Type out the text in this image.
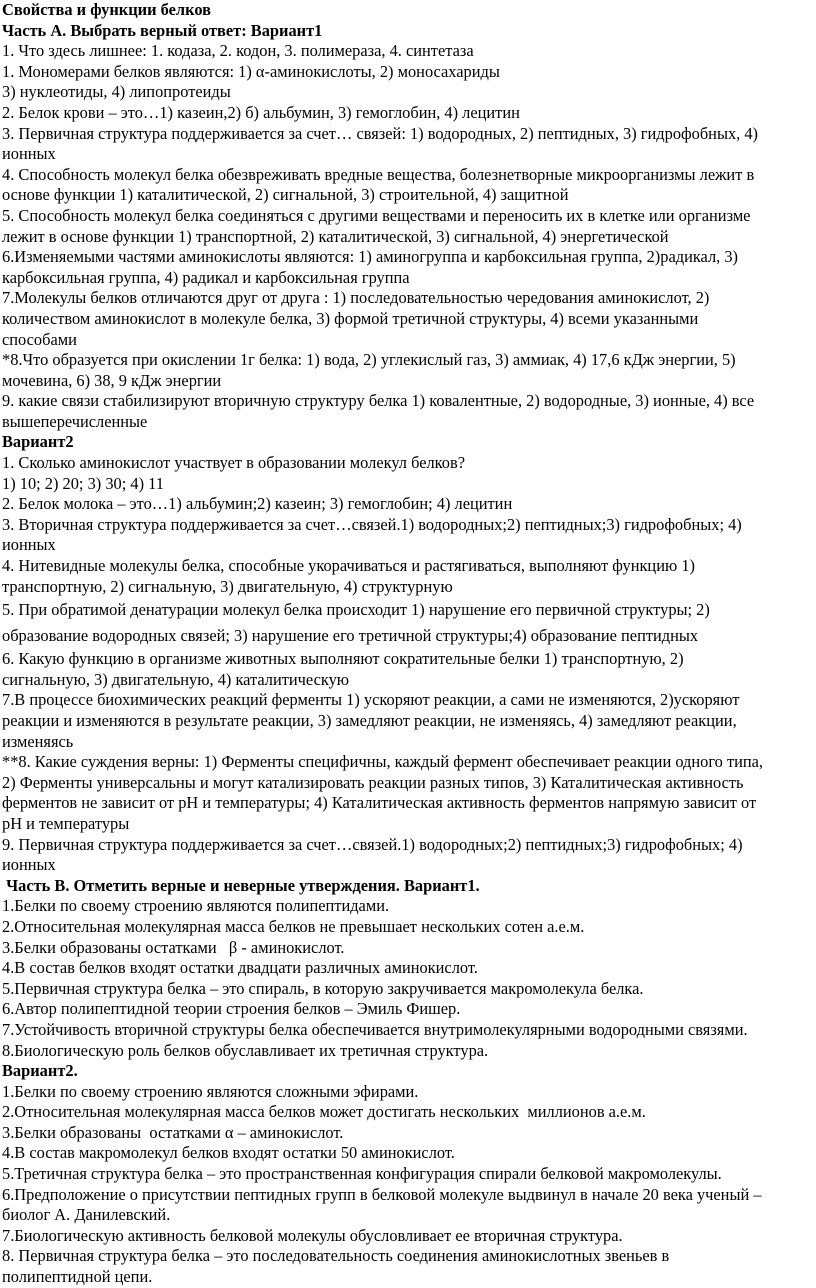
Свойства и функции белков
Часть А. Выбрать верный ответ: Вариант1
1. Что здесь лишнее: 1. кодаза, 2. кодон, 3. полимераза, 4. синтетаза
1. Мономерами белков являются: 1) α-аминокислоты, 2) моносахариды
3) нуклеотиды, 4) липопротеиды
2. Белок крови – это…1) казеин,2) б) альбумин, 3) гемоглобин, 4) лецитин
3. Первичная структура поддерживается за счет… связей: 1) водородных, 2) пептидных, 3) гидрофобных, 4)
ионных
4. Способность молекул белка обезвреживать вредные вещества, болезнетворные микроорганизмы лежит в
основе функции 1) каталитической, 2) сигнальной, 3) строительной, 4) защитной
5. Способность молекул белка соединяться с другими веществами и переносить их в клетке или организме
лежит в основе функции 1) транспортной, 2) каталитической, 3) сигнальной, 4) энергетической
6.Изменяемыми частями аминокислоты являются: 1) аминогруппа и карбоксильная группа, 2)радикал, 3)
карбоксильная группа, 4) радикал и карбоксильная группа
7.Молекулы белков отличаются друг от друга : 1) последовательностью чередования аминокислот, 2)
количеством аминокислот в молекуле белка, 3) формой третичной структуры, 4) всеми указанными
способами
*8.Что образуется при окислении 1г белка: 1) вода, 2) углекислый газ, 3) аммиак, 4) 17,6 кДж энергии, 5)
мочевина, 6) 38, 9 кДж энергии
9. какие связи стабилизируют вторичную структуру белка 1) ковалентные, 2) водородные, 3) ионные, 4) все
вышеперечисленные
Вариант2
1. Сколько аминокислот участвует в образовании молекул белков?
1) 10; 2) 20; 3) 30; 4) 11
2. Белок молока – это…1) альбумин;2) казеин; 3) гемоглобин; 4) лецитин
3. Вторичная структура поддерживается за счет…связей.1) водородных;2) пептидных;3) гидрофобных; 4)
ионных
4. Нитевидные молекулы белка, способные укорачиваться и растягиваться, выполняют функцию 1)
транспортную, 2) сигнальную, 3) двигательную, 4) структурную
5. При обратимой денатурации молекул белка происходит 1) нарушение его первичной структуры; 2)
образование водородных связей; 3) нарушение его третичной структуры;4) образование пептидных
6. Какую функцию в организме животных выполняют сократительные белки 1) транспортную, 2)
сигнальную, 3) двигательную, 4) каталитическую
7.В процессе биохимических реакций ферменты 1) ускоряют реакции, а сами не изменяются, 2)ускоряют
реакции и изменяются в результате реакции, 3) замедляют реакции, не изменяясь, 4) замедляют реакции,
изменяясь
**8. Какие суждения верны: 1) Ферменты специфичны, каждый фермент обеспечивает реакции одного типа,
2) Ферменты универсальны и могут катализировать реакции разных типов, 3) Каталитическая активность
ферментов не зависит от pH и температуры; 4) Каталитическая активность ферментов напрямую зависит от
pH и температуры
9. Первичная структура поддерживается за счет…связей.1) водородных;2) пептидных;3) гидрофобных; 4)
ионных
Часть В. Отметить верные и неверные утверждения. Вариант1.
1.Белки по своему строению являются полипептидами.
2.Относительная молекулярная масса белков не превышает нескольких сотен а.е.м.
3.Белки образованы остатками   β - аминокислот.
4.В состав белков входят остатки двадцати различных аминокислот.
5.Первичная структура белка – это спираль, в которую закручивается макромолекула белка.
6.Автор полипептидной теории строения белков – Эмиль Фишер.
7.Устойчивость вторичной структуры белка обеспечивается внутримолекулярными водородными связями.
8.Биологическую роль белков обуславливает их третичная структура.
Вариант2.
1.Белки по своему строению являются сложными эфирами.
2.Относительная молекулярная масса белков может достигать нескольких  миллионов а.е.м.
3.Белки образованы  остатками α – аминокислот.
4.В состав макромолекул белков входят остатки 50 аминокислот.
5.Третичная структура белка – это пространственная конфигурация спирали белковой макромолекулы.
6.Предположение о присутствии пептидных групп в белковой молекуле выдвинул в начале 20 века ученый –
биолог А. Данилевский.
7.Биологическую активность белковой молекулы обусловливает ее вторичная структура.
8. Первичная структура белка – это последовательность соединения аминокислотных звеньев в
полипептидной цепи.
